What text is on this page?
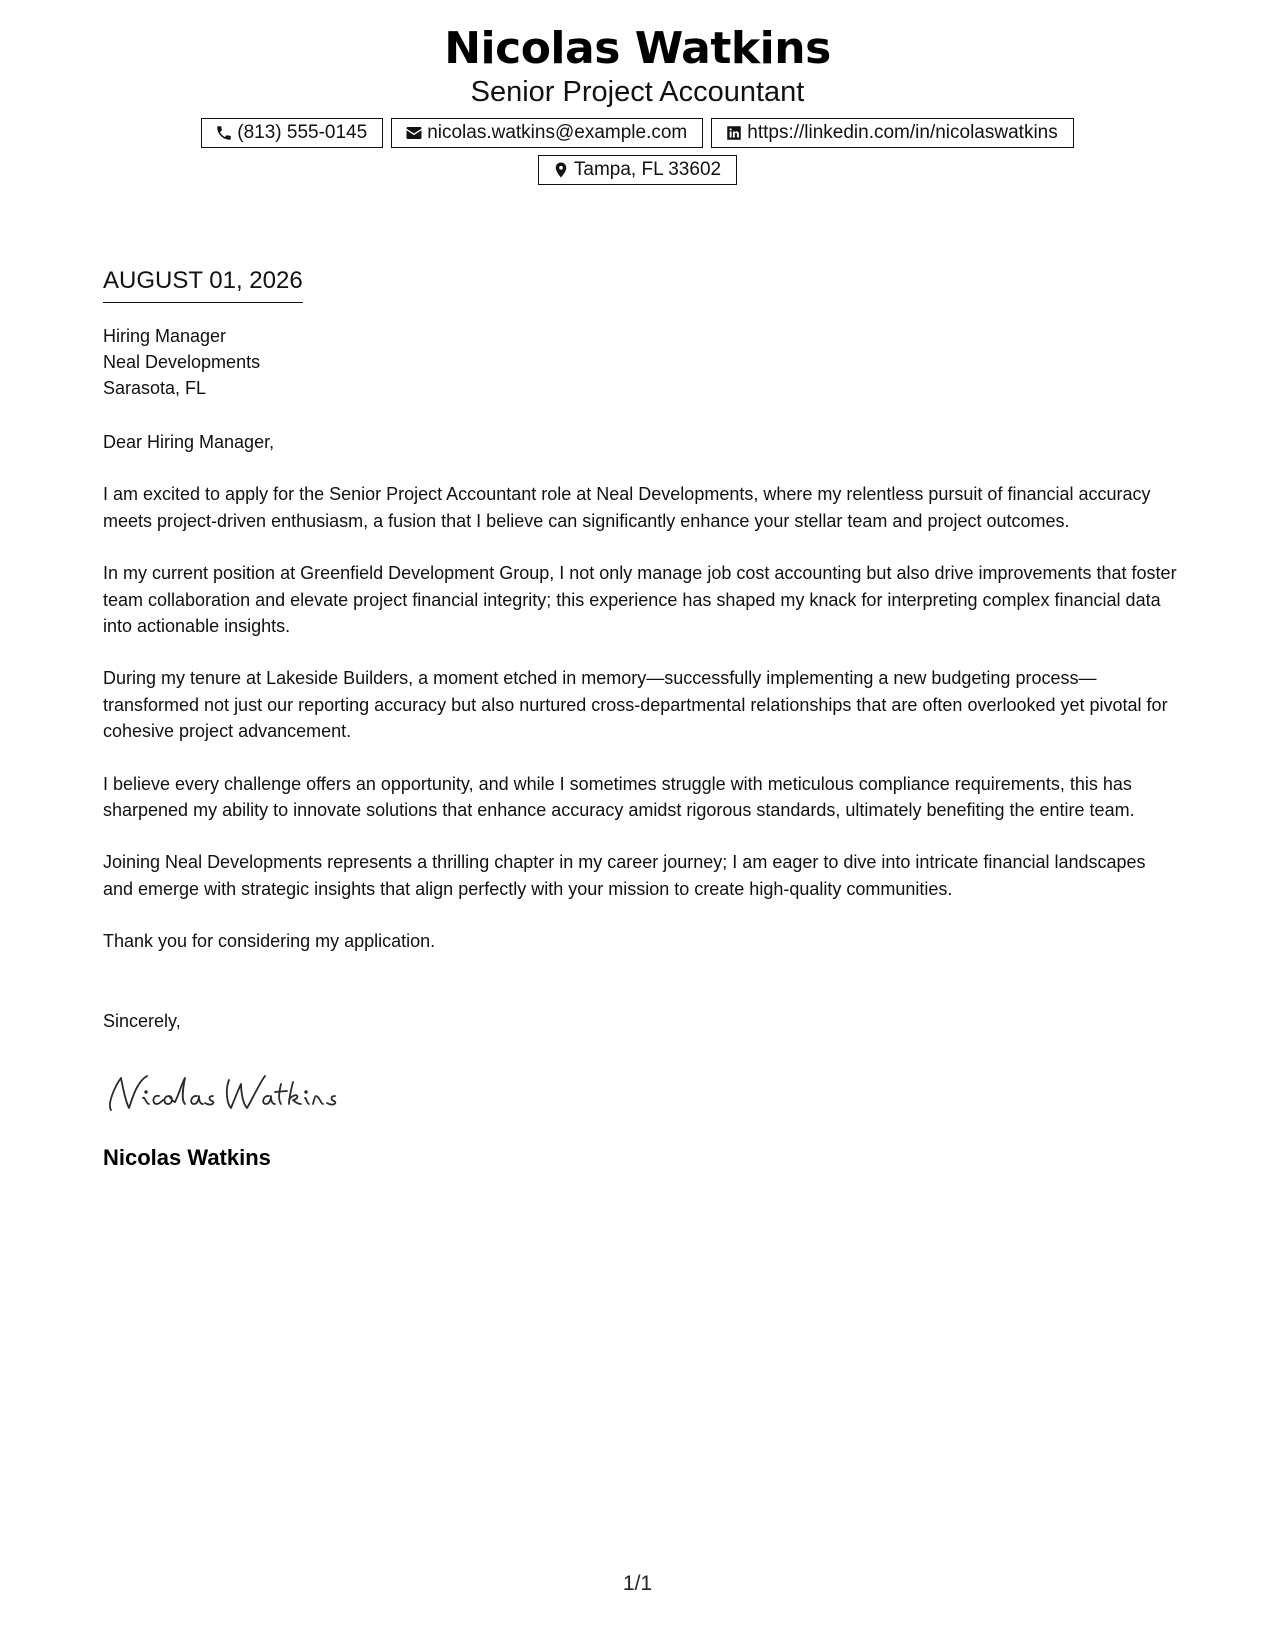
Nicolas Watkins
Senior Project Accountant
(813) 555-0145	nicolas.watkins@example.com	https://linkedin.com/in/nicolaswatkins
Tampa, FL 33602
AUGUST 01, 2026
Hiring Manager
Neal Developments
Sarasota, FL
Dear Hiring Manager,
I am excited to apply for the Senior Project Accountant role at Neal Developments, where my relentless pursuit of financial accuracy meets project-driven enthusiasm, a fusion that I believe can significantly enhance your stellar team and project outcomes.
In my current position at Greenfield Development Group, I not only manage job cost accounting but also drive improvements that foster team collaboration and elevate project financial integrity; this experience has shaped my knack for interpreting complex financial data into actionable insights.
During my tenure at Lakeside Builders, a moment etched in memory—successfully implementing a new budgeting process—transformed not just our reporting accuracy but also nurtured cross-departmental relationships that are often overlooked yet pivotal for cohesive project advancement.
I believe every challenge offers an opportunity, and while I sometimes struggle with meticulous compliance requirements, this has sharpened my ability to innovate solutions that enhance accuracy amidst rigorous standards, ultimately benefiting the entire team.
Joining Neal Developments represents a thrilling chapter in my career journey; I am eager to dive into intricate financial landscapes and emerge with strategic insights that align perfectly with your mission to create high-quality communities.
Thank you for considering my application.
Sincerely,
Nicolas Watkins
1/1
